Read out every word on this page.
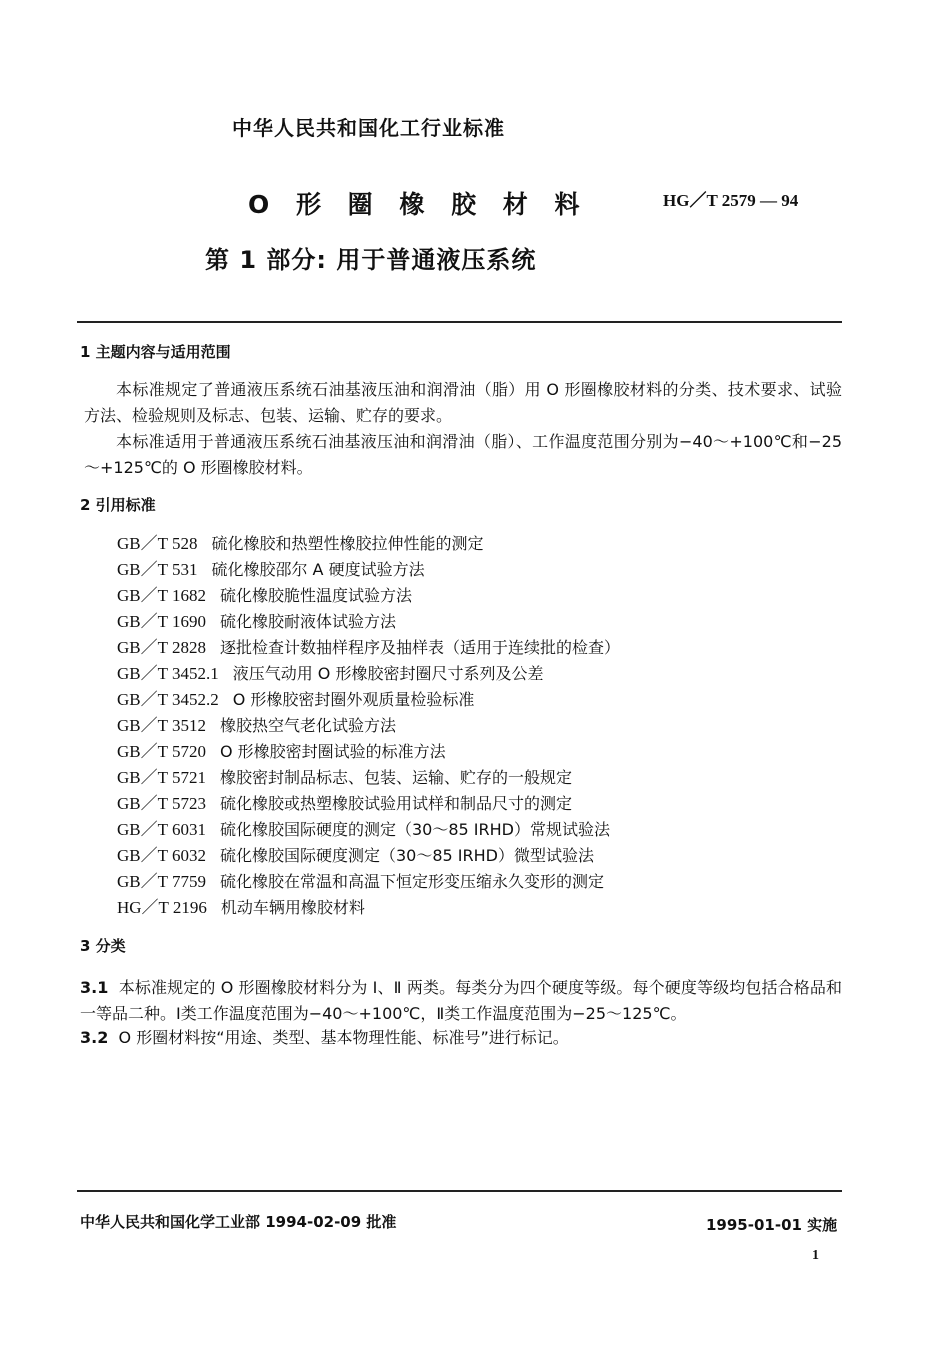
中华人民共和国化工行业标准
O 形 圈 橡 胶 材 料	HG／T 2579 — 94
第 1 部分: 用于普通液压系统
1 主题内容与适用范围
本标准规定了普通液压系统石油基液压油和润滑油（脂）用 O 形圈橡胶材料的分类、技术要求、试验方法、检验规则及标志、包装、运输、贮存的要求。
本标准适用于普通液压系统石油基液压油和润滑油（脂）、工作温度范围分别为−40～+100℃和−25～+125℃的 O 形圈橡胶材料。
2 引用标准
GB／T 528 硫化橡胶和热塑性橡胶拉伸性能的测定
GB／T 531 硫化橡胶邵尔 A 硬度试验方法
GB／T 1682 硫化橡胶脆性温度试验方法
GB／T 1690 硫化橡胶耐液体试验方法
GB／T 2828 逐批检查计数抽样程序及抽样表（适用于连续批的检查）
GB／T 3452.1 液压气动用 O 形橡胶密封圈尺寸系列及公差
GB／T 3452.2 O 形橡胶密封圈外观质量检验标准
GB／T 3512 橡胶热空气老化试验方法
GB／T 5720 O 形橡胶密封圈试验的标准方法
GB／T 5721 橡胶密封制品标志、包装、运输、贮存的一般规定
GB／T 5723 硫化橡胶或热塑橡胶试验用试样和制品尺寸的测定
GB／T 6031 硫化橡胶国际硬度的测定（30～85 IRHD）常规试验法
GB／T 6032 硫化橡胶国际硬度测定（30～85 IRHD）微型试验法
GB／T 7759 硫化橡胶在常温和高温下恒定形变压缩永久变形的测定
HG／T 2196 机动车辆用橡胶材料
3 分类
3.1 本标准规定的 O 形圈橡胶材料分为 Ⅰ、Ⅱ 两类。每类分为四个硬度等级。每个硬度等级均包括合格品和一等品二种。Ⅰ类工作温度范围为−40～+100℃，Ⅱ类工作温度范围为−25～125℃。
3.2 O 形圈材料按“用途、类型、基本物理性能、标准号”进行标记。
中华人民共和国化学工业部 1994-02-09 批准	1995-01-01 实施
1
